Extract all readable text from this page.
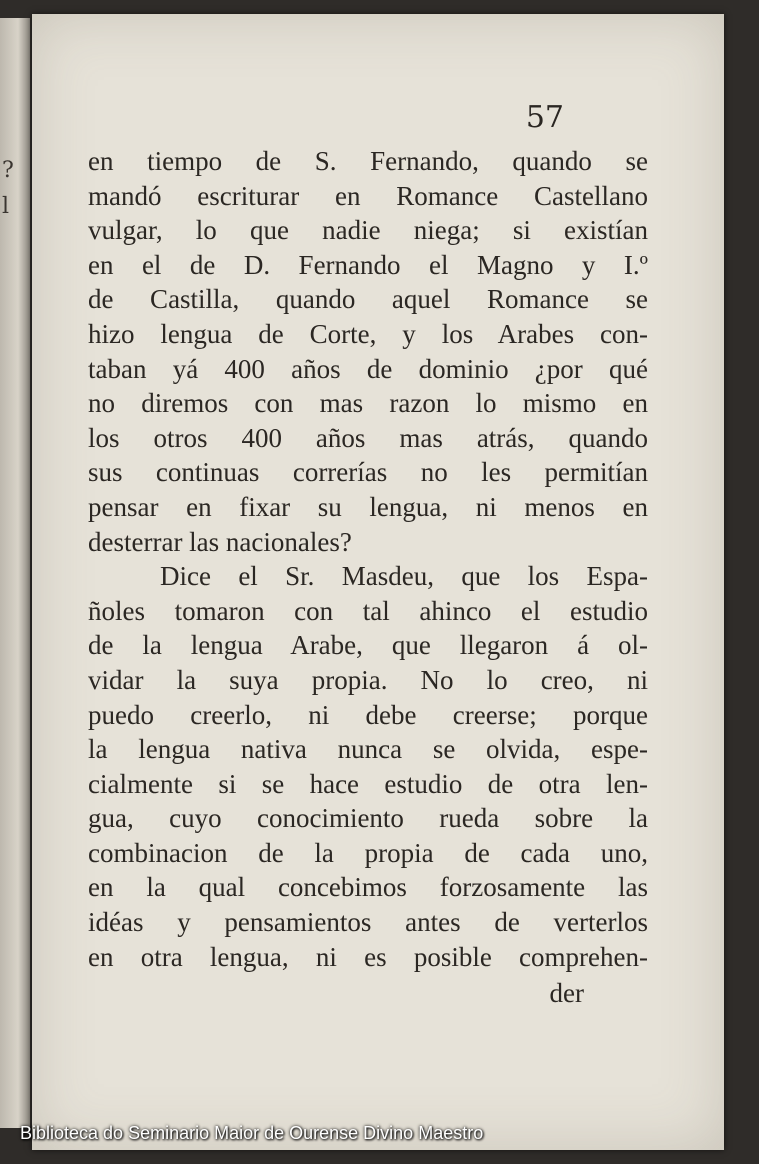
?
l
57
en tiempo de S. Fernando, quando se
mandó escriturar en Romance Castellano
vulgar, lo que nadie niega; si existían
en el de D. Fernando el Magno y I.º
de Castilla, quando aquel Romance se
hizo lengua de Corte, y los Arabes con-
taban yá 400 años de dominio ¿por qué
no diremos con mas razon lo mismo en
los otros 400 años mas atrás, quando
sus continuas correrías no les permitían
pensar en fixar su lengua, ni menos en
desterrar las nacionales?
Dice el Sr. Masdeu, que los Espa-
ñoles tomaron con tal ahinco el estudio
de la lengua Arabe, que llegaron á ol-
vidar la suya propia. No lo creo, ni
puedo creerlo, ni debe creerse; porque
la lengua nativa nunca se olvida, espe-
cialmente si se hace estudio de otra len-
gua, cuyo conocimiento rueda sobre la
combinacion de la propia de cada uno,
en la qual concebimos forzosamente las
idéas y pensamientos antes de verterlos
en otra lengua, ni es posible comprehen-
der
Biblioteca do Seminario Maior de Ourense Divino Maestro
